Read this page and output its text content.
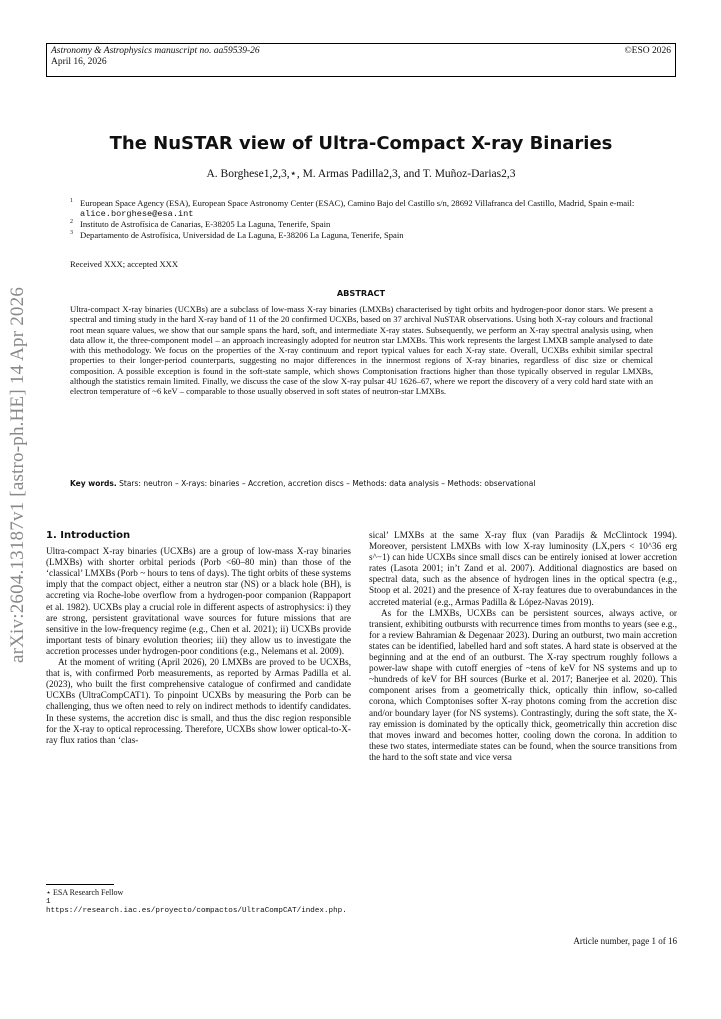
Astronomy & Astrophysics manuscript no. aa59539-26
April 16, 2026
©ESO 2026
arXiv:2604.13187v1 [astro-ph.HE] 14 Apr 2026
The NuSTAR view of Ultra-Compact X-ray Binaries
A. Borghese1,2,3,⋆, M. Armas Padilla2,3, and T. Muñoz-Darias2,3
1 European Space Agency (ESA), European Space Astronomy Center (ESAC), Camino Bajo del Castillo s/n, 28692 Villafranca del Castillo, Madrid, Spain e-mail: alice.borghese@esa.int
2 Instituto de Astrofísica de Canarias, E-38205 La Laguna, Tenerife, Spain
3 Departamento de Astrofísica, Universidad de La Laguna, E-38206 La Laguna, Tenerife, Spain
Received XXX; accepted XXX
ABSTRACT
Ultra-compact X-ray binaries (UCXBs) are a subclass of low-mass X-ray binaries (LMXBs) characterised by tight orbits and hydrogen-poor donor stars. We present a spectral and timing study in the hard X-ray band of 11 of the 20 confirmed UCXBs, based on 37 archival NuSTAR observations. Using both X-ray colours and fractional root mean square values, we show that our sample spans the hard, soft, and intermediate X-ray states. Subsequently, we perform an X-ray spectral analysis using, when data allow it, the three-component model – an approach increasingly adopted for neutron star LMXBs. This work represents the largest LMXB sample analysed to date with this methodology. We focus on the properties of the X-ray continuum and report typical values for each X-ray state. Overall, UCXBs exhibit similar spectral properties to their longer-period counterparts, suggesting no major differences in the innermost regions of X-ray binaries, regardless of disc size or chemical composition. A possible exception is found in the soft-state sample, which shows Comptonisation fractions higher than those typically observed in regular LMXBs, although the statistics remain limited. Finally, we discuss the case of the slow X-ray pulsar 4U 1626–67, where we report the discovery of a very cold hard state with an electron temperature of ~6 keV – comparable to those usually observed in soft states of neutron-star LMXBs.
Key words. Stars: neutron – X-rays: binaries – Accretion, accretion discs – Methods: data analysis – Methods: observational
1. Introduction

Ultra-compact X-ray binaries (UCXBs) are a group of low-mass X-ray binaries (LMXBs) with shorter orbital periods (Porb <60–80 min) than those of the ‘classical’ LMXBs (Porb ~ hours to tens of days). The tight orbits of these systems imply that the compact object, either a neutron star (NS) or a black hole (BH), is accreting via Roche-lobe overflow from a hydrogen-poor companion (Rappaport et al. 1982). UCXBs play a crucial role in different aspects of astrophysics: i) they are strong, persistent gravitational wave sources for future missions that are sensitive in the low-frequency regime (e.g., Chen et al. 2021); ii) UCXBs provide important tests of binary evolution theories; iii) they allow us to investigate the accretion processes under hydrogen-poor conditions (e.g., Nelemans et al. 2009).

At the moment of writing (April 2026), 20 LMXBs are proved to be UCXBs, that is, with confirmed Porb measurements, as reported by Armas Padilla et al. (2023), who built the first comprehensive catalogue of confirmed and candidate UCXBs (UltraCompCAT1). To pinpoint UCXBs by measuring the Porb can be challenging, thus we often need to rely on indirect methods to identify candidates. In these systems, the accretion disc is small, and thus the disc region responsible for the X-ray to optical reprocessing. Therefore, UCXBs show lower optical-to-X-ray flux ratios than ‘clas-

sical’ LMXBs at the same X-ray flux (van Paradijs & McClintock 1994). Moreover, persistent LMXBs with low X-ray luminosity (LX,pers < 10^36 erg s^−1) can hide UCXBs since small discs can be entirely ionised at lower accretion rates (Lasota 2001; in’t Zand et al. 2007). Additional diagnostics are based on spectral data, such as the absence of hydrogen lines in the optical spectra (e.g., Stoop et al. 2021) and the presence of X-ray features due to overabundances in the accreted material (e.g., Armas Padilla & López-Navas 2019).

As for the LMXBs, UCXBs can be persistent sources, always active, or transient, exhibiting outbursts with recurrence times from months to years (see e.g., for a review Bahramian & Degenaar 2023). During an outburst, two main accretion states can be identified, labelled hard and soft states. A hard state is observed at the beginning and at the end of an outburst. The X-ray spectrum roughly follows a power-law shape with cutoff energies of ~tens of keV for NS systems and up to ~hundreds of keV for BH sources (Burke et al. 2017; Banerjee et al. 2020). This component arises from a geometrically thick, optically thin inflow, so-called corona, which Comptonises softer X-ray photons coming from the accretion disc and/or boundary layer (for NS systems). Contrastingly, during the soft state, the X-ray emission is dominated by the optically thick, geometrically thin accretion disc that moves inward and becomes hotter, cooling down the corona. In addition to these two states, intermediate states can be found, when the source transitions from the hard to the soft state and vice versa

⋆ ESA Research Fellow
1 https://research.iac.es/proyecto/compactos/UltraCompCAT/index.php.
Article number, page 1 of 16
